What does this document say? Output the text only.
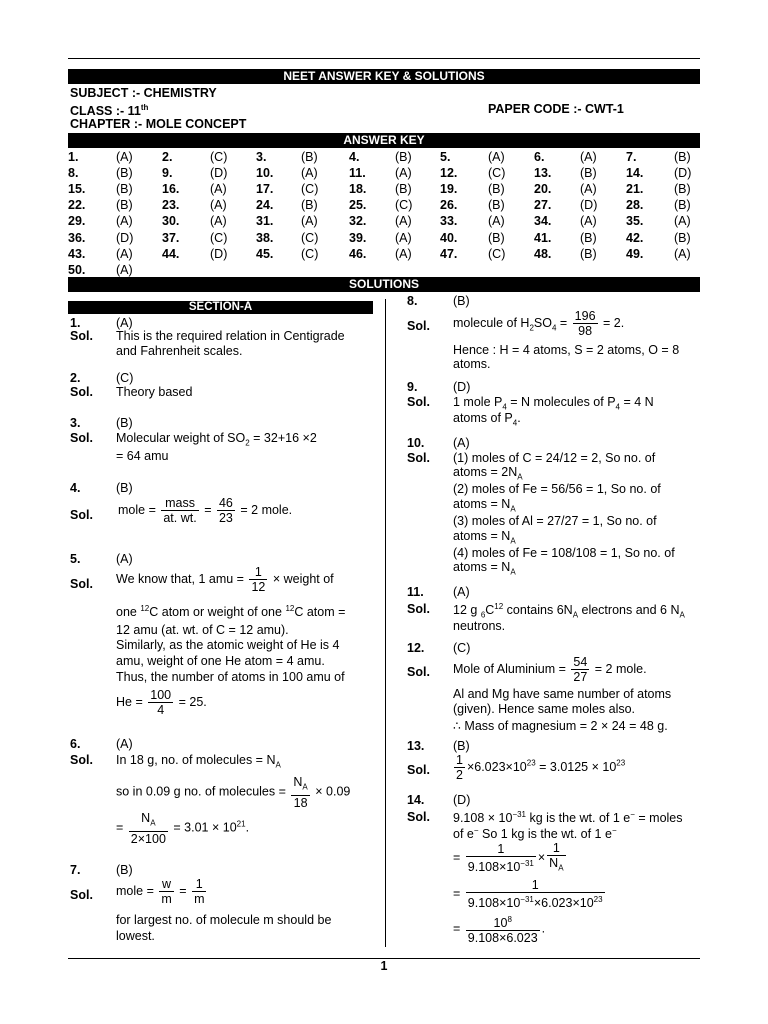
NEET ANSWER KEY & SOLUTIONS
SUBJECT :- CHEMISTRY
CLASS :- 11th	PAPER CODE :- CWT-1
CHAPTER :- MOLE CONCEPT
ANSWER KEY
1.	(A)	2.	(C)	3.	(B)	4.	(B)	5.	(A)	6.	(A)	7.	(B)
8.	(B)	9.	(D)	10.	(A)	11.	(A)	12.	(C)	13.	(B)	14.	(D)
15.	(B)	16.	(A)	17.	(C)	18.	(B)	19.	(B)	20.	(A)	21.	(B)
22.	(B)	23.	(A)	24.	(B)	25.	(C)	26.	(B)	27.	(D)	28.	(B)
29.	(A)	30.	(A)	31.	(A)	32.	(A)	33.	(A)	34.	(A)	35.	(A)
36.	(D)	37.	(C)	38.	(C)	39.	(A)	40.	(B)	41.	(B)	42.	(B)
43.	(A)	44.	(D)	45.	(C)	46.	(A)	47.	(C)	48.	(B)	49.	(A)
50.	(A)												
SOLUTIONS
SECTION-A
1.	(A)
Sol. This is the required relation in Centigrade and Fahrenheit scales.
2.	(C)
Sol. Theory based
3.	(B)
Sol. Molecular weight of $SO_2 = 32+16 \times 2$
= 64 amu
4.	(B)
Sol. mole = $\frac{\text{mass}}{at. wt.} = \frac{46}{23} = 2$ mole.
5.	(A)
Sol. We know that, 1 amu = $\frac{1}{12}$ × weight of
one $^{12}$C atom or weight of one $^{12}$C atom =
12 amu (at. wt. of C = 12 amu).
Similarly, as the atomic weight of He is 4
amu, weight of one He atom = 4 amu.
Thus, the number of atoms in 100 amu of
$He = \frac{100}{4} = 25$.
6.	(A)
Sol. In 18 g, no. of molecules = $N_A$
so in 0.09 g no. of molecules = $\frac{N_A}{18} \times 0.09$
= $\frac{N_A}{2\times 100} = 3.01 \times 10^{21}$.
7.	(B)
Sol. mole = $\frac{w}{m} = \frac{1}{m}$
for largest no. of molecule m should be
lowest.
8.	(B)
Sol. molecule of $H_2SO_4 = \frac{196}{98} = 2$.
Hence : H = 4 atoms, S = 2 atoms, O = 8
atoms.
9.	(D)
Sol. 1 mole $P_4 = N$ molecules of $P_4 = 4$ N
atoms of $P_4$.
10. (A)
Sol. (1) moles of C = 24/12 = 2, So no. of
atoms = $2N_A$
(2) moles of Fe = 56/56 = 1, So no. of
atoms = $N_A$
(3) moles of Al = 27/27 = 1, So no. of
atoms = $N_A$
(4) moles of Fe = 108/108 = 1, So no. of
atoms = $N_A$
11. (A)
Sol. 12 g $_6C^{12}$ contains $6N_A$ electrons and 6 $N_A$
neutrons.
12. (C)
Sol. Mole of Aluminium = $\frac{54}{27} = 2$ mole.
Al and Mg have same number of atoms
(given). Hence same moles also.
∴ Mass of magnesium = 2 × 24 = 48 g.
13. (B)
Sol. $\frac{1}{2} \times 6.023\times 10^{23} = 3.0125 \times 10^{23}$
14. (D)
Sol. $9.108 \times 10^{-31}$ kg is the wt. of 1 e− = moles
of e− So 1 kg is the wt. of 1 e−
= $\frac{1}{9.108\times 10^{-31}} \times \frac{1}{N_A}$
= $\frac{1}{9.108\times 10^{-31}\times 6.023\times 10^{23}}$
= $\frac{10^8}{9.108\times 6.023}$ .
1
